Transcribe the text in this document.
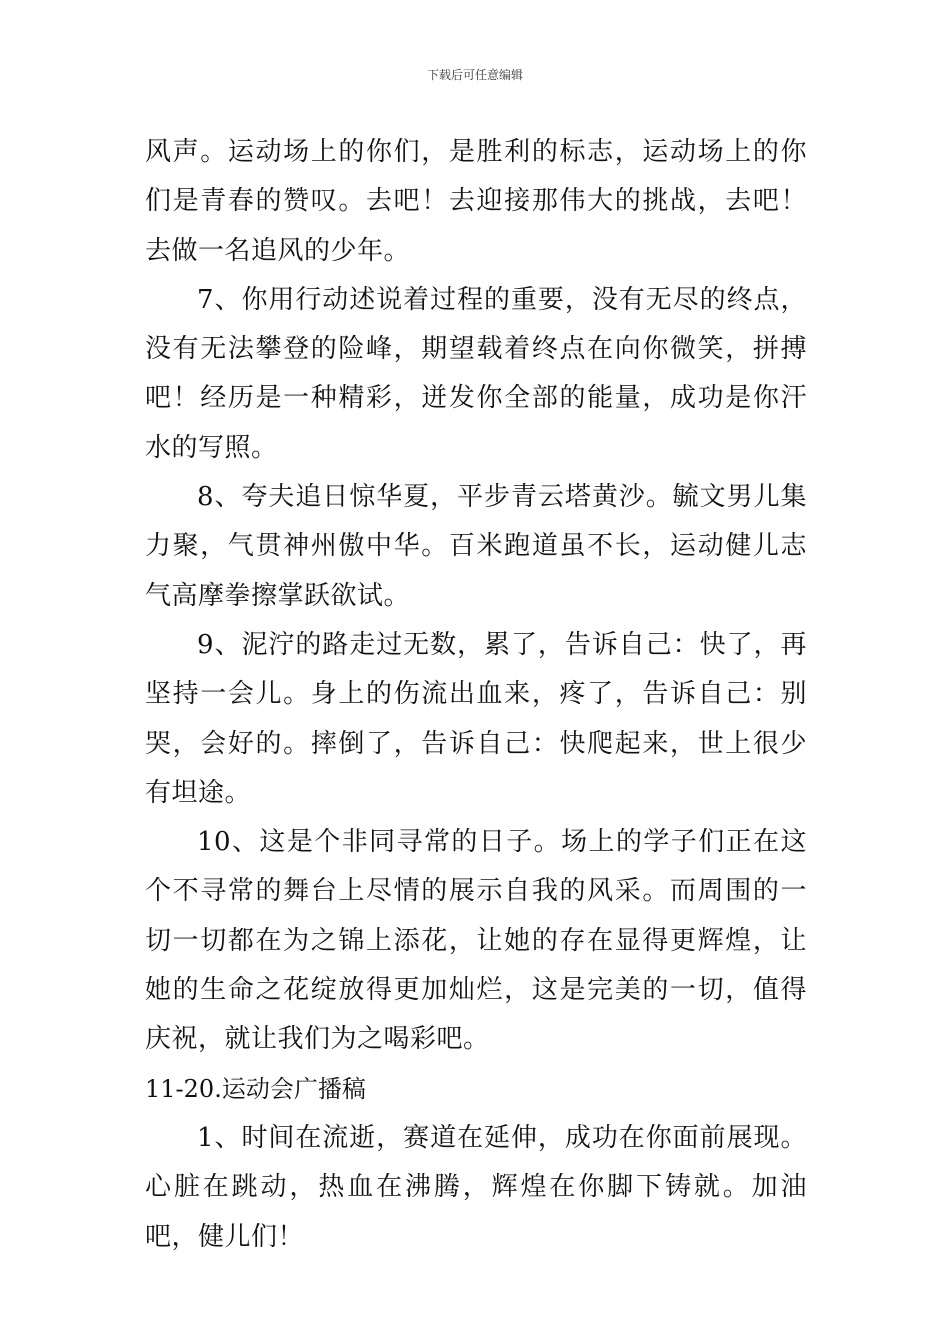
下载后可任意编辑

风声。运动场上的你们，是胜利的标志，运动场上的你们是青春的赞叹。去吧！去迎接那伟大的挑战，去吧！去做一名追风的少年。

7、你用行动述说着过程的重要，没有无尽的终点，没有无法攀登的险峰，期望载着终点在向你微笑，拼搏吧！经历是一种精彩，迸发你全部的能量，成功是你汗水的写照。

8、夸夫追日惊华夏，平步青云塔黄沙。毓文男儿集力聚，气贯神州傲中华。百米跑道虽不长，运动健儿志气高摩拳擦掌跃欲试。

9、泥泞的路走过无数，累了，告诉自己：快了，再坚持一会儿。身上的伤流出血来，疼了，告诉自己：别哭，会好的。摔倒了，告诉自己：快爬起来，世上很少有坦途。

10、这是个非同寻常的日子。场上的学子们正在这个不寻常的舞台上尽情的展示自我的风采。而周围的一切一切都在为之锦上添花，让她的存在显得更辉煌，让她的生命之花绽放得更加灿烂，这是完美的一切，值得庆祝，就让我们为之喝彩吧。

11-20.运动会广播稿

1、时间在流逝，赛道在延伸，成功在你面前展现。心脏在跳动，热血在沸腾，辉煌在你脚下铸就。加油吧，健儿们！
